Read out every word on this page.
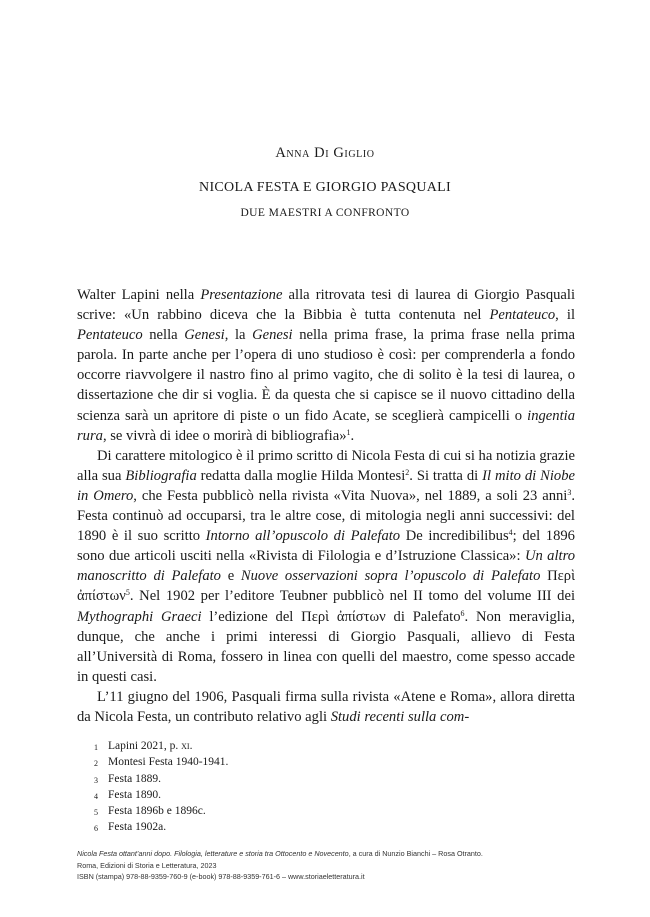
Anna Di Giglio
NICOLA FESTA E GIORGIO PASQUALI
DUE MAESTRI A CONFRONTO

Walter Lapini nella Presentazione alla ritrovata tesi di laurea di Giorgio Pasquali scrive: «Un rabbino diceva che la Bibbia è tutta contenuta nel Pentateuco, il Pentateuco nella Genesi, la Genesi nella prima frase, la prima frase nella prima parola. In parte anche per l’opera di uno studioso è così: per comprenderla a fondo occorre riavvolgere il nastro fino al primo vagito, che di solito è la tesi di laurea, o dissertazione che dir si voglia. È da questa che si capisce se il nuovo cittadino della scienza sarà un apritore di piste o un fido Acate, se sceglierà campicelli o ingentia rura, se vivrà di idee o morirà di bibliografia»$^1$.

Di carattere mitologico è il primo scritto di Nicola Festa di cui si ha notizia grazie alla sua Bibliografia redatta dalla moglie Hilda Montesi$^2$. Si tratta di Il mito di Niobe in Omero, che Festa pubblicò nella rivista «Vita Nuova», nel 1889, a soli 23 anni$^3$. Festa continuò ad occuparsi, tra le altre cose, di mitologia negli anni successivi: del 1890 è il suo scritto Intorno all’opuscolo di Palefato De incredibilibus$^4$; del 1896 sono due articoli usciti nella «Rivista di Filologia e d’Istruzione Classica»: Un altro manoscritto di Palefato e Nuove osservazioni sopra l’opuscolo di Palefato Περὶ ἀπίστων$^5$. Nel 1902 per l’editore Teubner pubblicò nel II tomo del volume III dei Mythographi Graeci l’edizione del Περὶ ἀπίστων di Palefato$^6$. Non meraviglia, dunque, che anche i primi interessi di Giorgio Pasquali, allievo di Festa all’Università di Roma, fossero in linea con quelli del maestro, come spesso accade in questi casi.

L’11 giugno del 1906, Pasquali firma sulla rivista «Atene e Roma», allora diretta da Nicola Festa, un contributo relativo agli Studi recenti sulla com-

1 Lapini 2021, p. xi.
2 Montesi Festa 1940-1941.
3 Festa 1889.
4 Festa 1890.
5 Festa 1896b e 1896c.
6 Festa 1902a.
Nicola Festa ottant’anni dopo. Filologia, letterature e storia tra Ottocento e Novecento, a cura di Nunzio Bianchi – Rosa Otranto.
Roma, Edizioni di Storia e Letteratura, 2023
ISBN (stampa) 978-88-9359-760-9 (e-book) 978-88-9359-761-6 – www.storiaeletteratura.it
